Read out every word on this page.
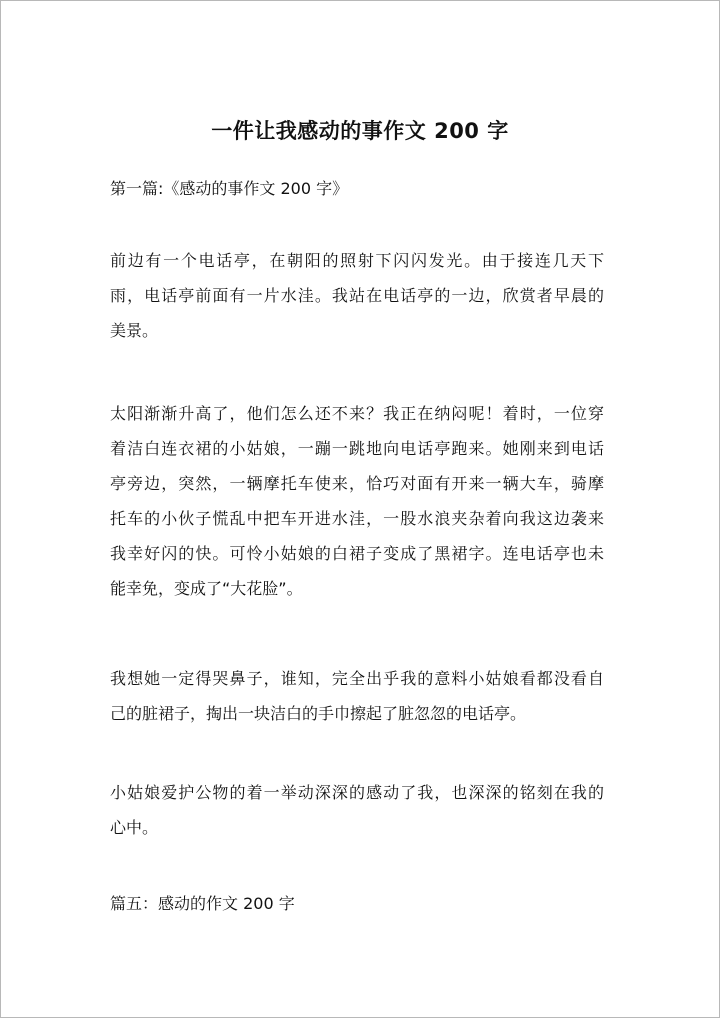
一件让我感动的事作文 200 字
第一篇:《感动的事作文 200 字》
前边有一个电话亭，在朝阳的照射下闪闪发光。由于接连几天下
雨，电话亭前面有一片水洼。我站在电话亭的一边，欣赏者早晨的
美景。
太阳渐渐升高了，他们怎么还不来？我正在纳闷呢！着时，一位穿
着洁白连衣裙的小姑娘，一蹦一跳地向电话亭跑来。她刚来到电话
亭旁边，突然，一辆摩托车使来，恰巧对面有开来一辆大车，骑摩
托车的小伙子慌乱中把车开进水洼，一股水浪夹杂着向我这边袭来
我幸好闪的快。可怜小姑娘的白裙子变成了黑裙字。连电话亭也未
能幸免，变成了“大花脸”。
我想她一定得哭鼻子，谁知，完全出乎我的意料小姑娘看都没看自
己的脏裙子，掏出一块洁白的手巾擦起了脏忽忽的电话亭。
小姑娘爱护公物的着一举动深深的感动了我，也深深的铭刻在我的
心中。
篇五：感动的作文 200 字
